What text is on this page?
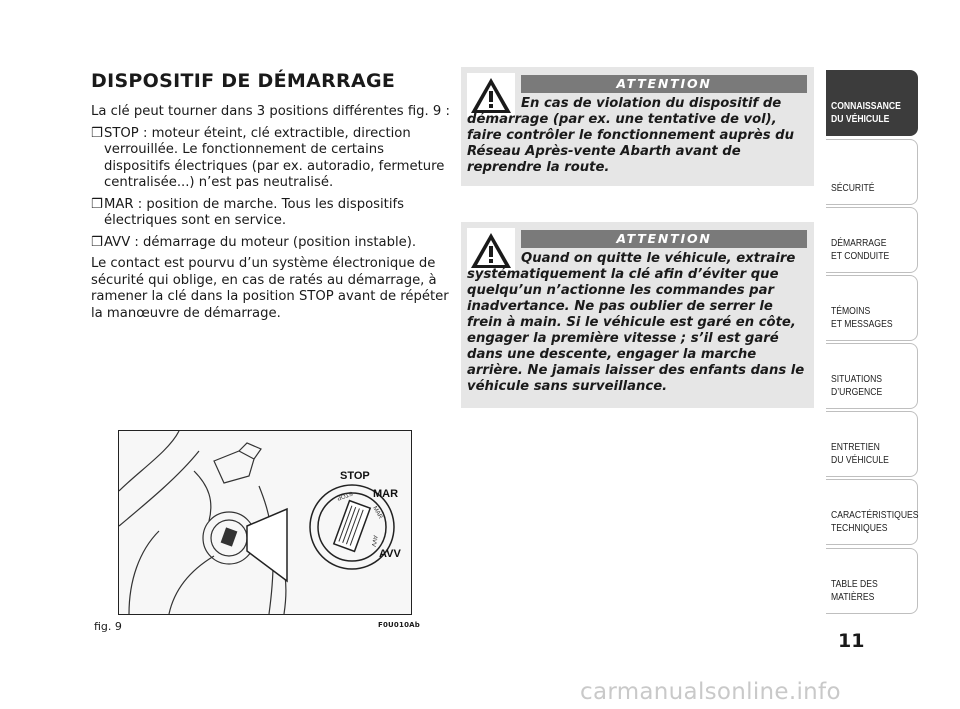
DISPOSITIF DE DÉMARRAGE

La clé peut tourner dans 3 positions différentes fig. 9 :

❒STOP : moteur éteint, clé extractible, direction verrouillée. Le fonctionnement de certains dispositifs électriques (par ex. autoradio, fermeture centralisée...) n’est pas neutralisé.

❒MAR : position de marche. Tous les dispositifs électriques sont en service.

❒AVV : démarrage du moteur (position instable).

Le contact est pourvu d’un système électronique de sécurité qui oblige, en cas de ratés au démarrage, à ramener la clé dans la position STOP avant de répéter la manœuvre de démarrage.

ATTENTION
En cas de violation du dispositif de démarrage (par ex. une tentative de vol), faire contrôler le fonctionnement auprès du Réseau Après-vente Abarth avant de reprendre la route.
ATTENTION
Quand on quitte le véhicule, extraire systématiquement la clé afin d’éviter que quelqu’un n’actionne les commandes par inadvertance. Ne pas oublier de serrer le frein à main. Si le véhicule est garé en côte, engager la première vitesse ; s’il est garé dans une descente, engager la marche arrière. Ne jamais laisser des enfants dans le véhicule sans surveillance.
STOP
MAR
AVV
STOP
MAR
AVV
fig. 9	F0U010Ab
CONNAISSANCE
DU VÉHICULE
SÉCURITÉ
DÉMARRAGE
ET CONDUITE
TÉMOINS
ET MESSAGES
SITUATIONS
D’URGENCE
ENTRETIEN
DU VÉHICULE
CARACTÉRISTIQUES
TECHNIQUES
TABLE DES
MATIÈRES
11
carmanualsonline.info
